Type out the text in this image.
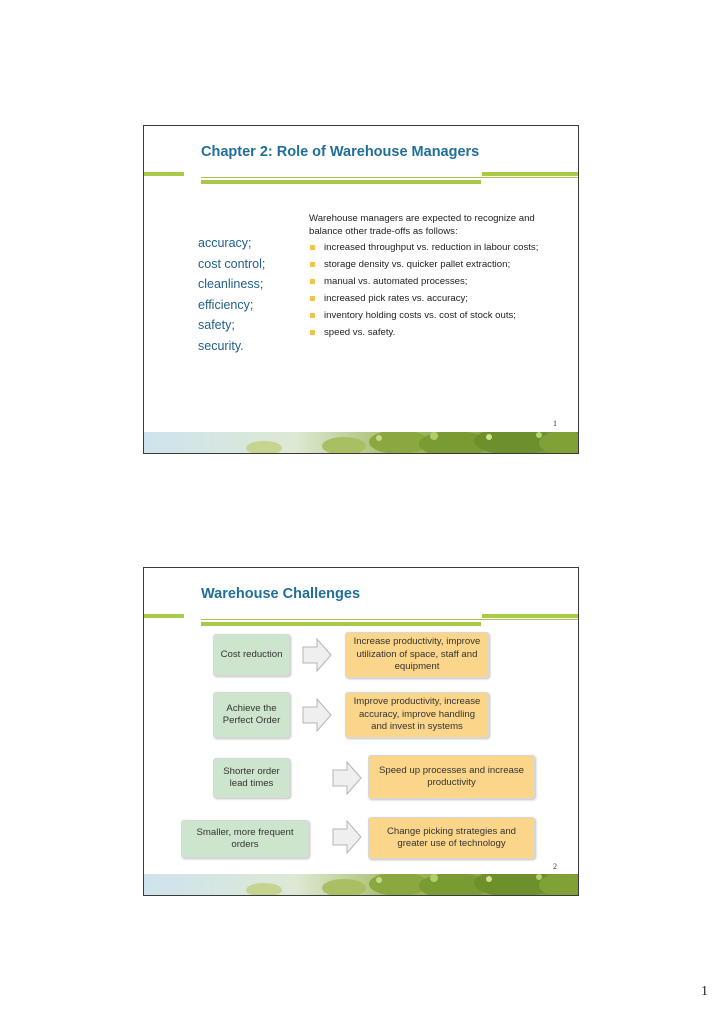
Chapter 2: Role of Warehouse Managers
accuracy;
cost control;
cleanliness;
efficiency;
safety;
security.
Warehouse managers are expected to recognize and balance other trade-offs as follows:
increased throughput vs. reduction in labour costs;
storage density vs. quicker pallet extraction;
manual vs. automated processes;
increased pick rates vs. accuracy;
inventory holding costs vs. cost of stock outs;
speed vs. safety.
1
Warehouse Challenges
Cost reduction
Increase productivity, improve utilization of space, staff and equipment
Achieve the Perfect Order
Improve productivity, increase accuracy, improve handling and invest in systems
Shorter order lead times
Speed up processes and increase productivity
Smaller, more frequent orders
Change picking strategies and greater use of technology
2
1
